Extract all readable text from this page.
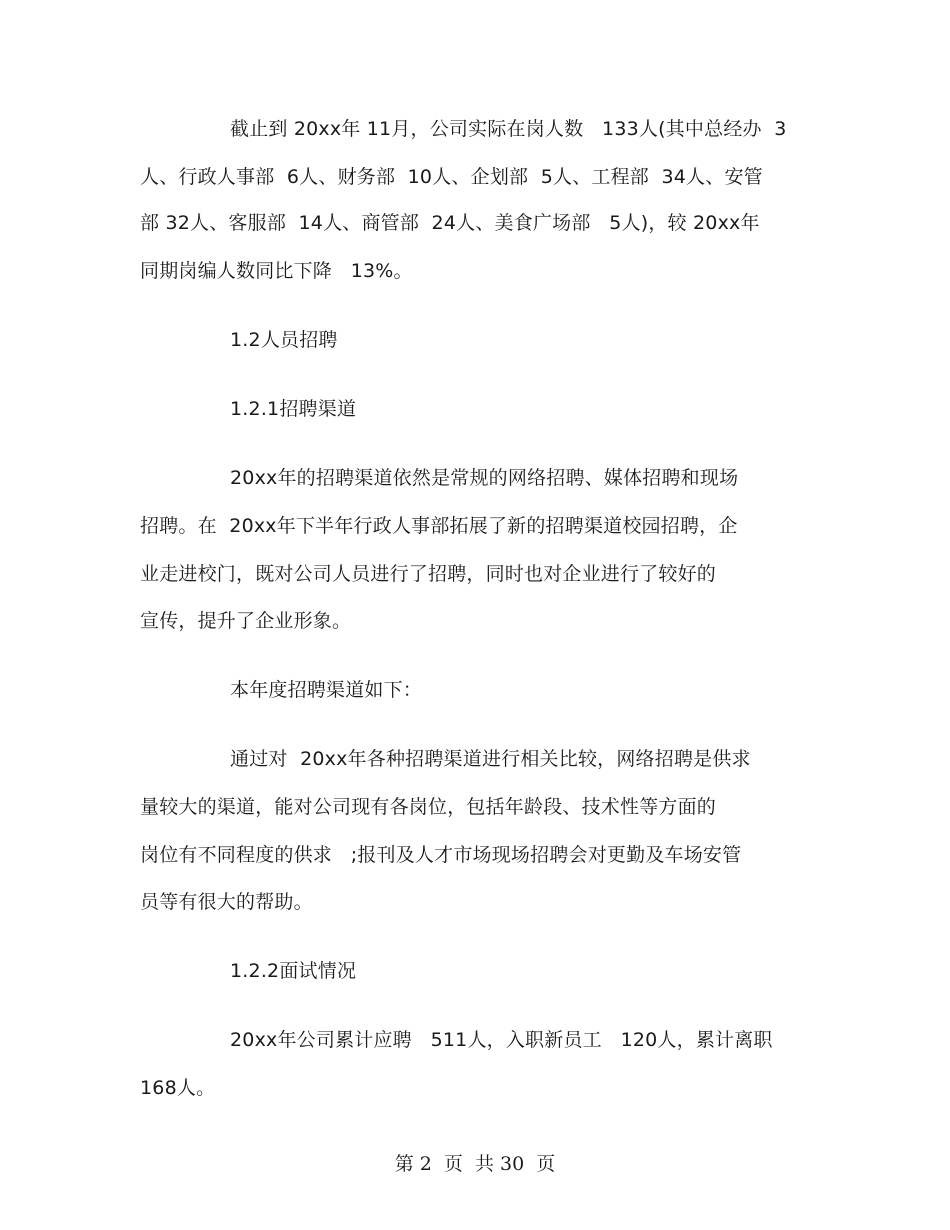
截止到 20xx年 11月，公司实际在岗人数   133人(其中总经办  3
人、行政人事部  6人、财务部  10人、企划部  5人、工程部  34人、安管
部 32人、客服部  14人、商管部  24人、美食广场部   5人)，较 20xx年
同期岗编人数同比下降   13%。
1.2人员招聘
1.2.1招聘渠道
20xx年的招聘渠道依然是常规的网络招聘、媒体招聘和现场
招聘。在  20xx年下半年行政人事部拓展了新的招聘渠道校园招聘，企
业走进校门，既对公司人员进行了招聘，同时也对企业进行了较好的
宣传，提升了企业形象。
本年度招聘渠道如下：
通过对  20xx年各种招聘渠道进行相关比较，网络招聘是供求
量较大的渠道，能对公司现有各岗位，包括年龄段、技术性等方面的
岗位有不同程度的供求   ;报刊及人才市场现场招聘会对更勤及车场安管
员等有很大的帮助。
1.2.2面试情况
20xx年公司累计应聘   511人，入职新员工   120人，累计离职
168人。
第 2  页  共 30  页
